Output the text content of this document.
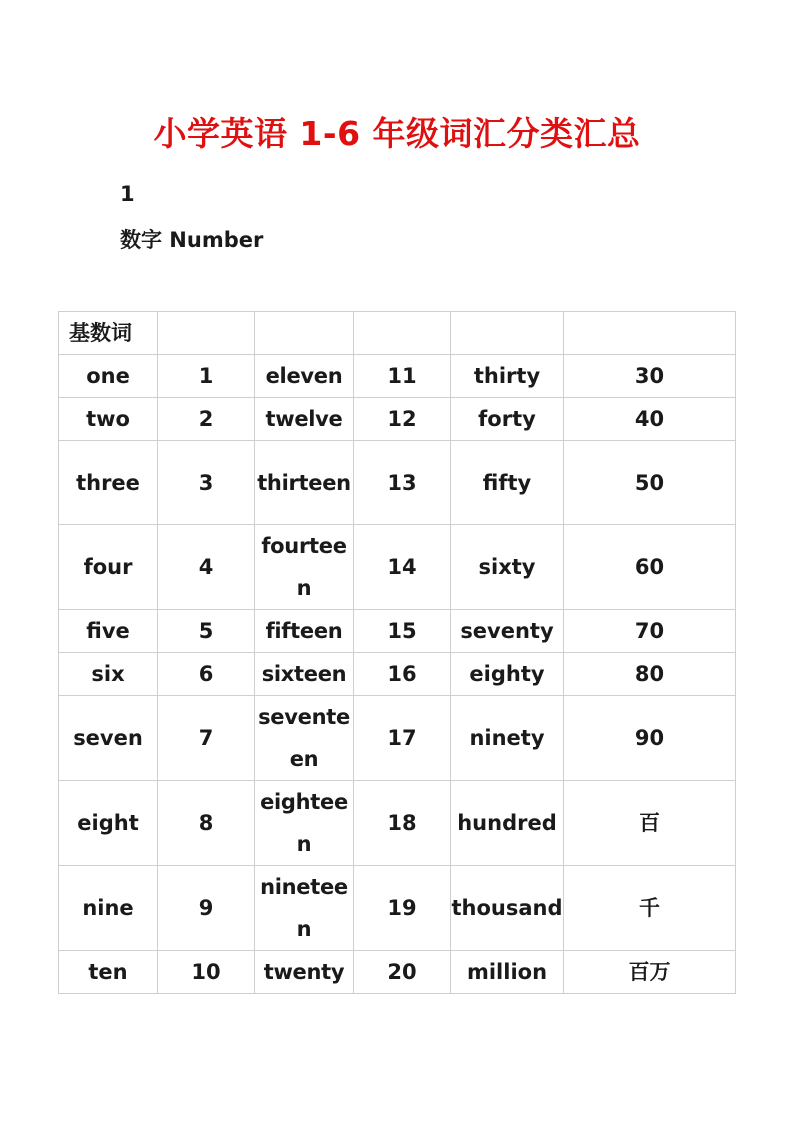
小学英语 1-6 年级词汇分类汇总
1
数字 Number
基数词					
one	1	eleven	11	thirty	30
two	2	twelve	12	forty	40
three	3	thirteen	13	fifty	50
four	4	fourteen	14	sixty	60
five	5	fifteen	15	seventy	70
six	6	sixteen	16	eighty	80
seven	7	seventeen	17	ninety	90
eight	8	eighteen	18	hundred	百
nine	9	nineteen	19	thousand	千
ten	10	twenty	20	million	百万
